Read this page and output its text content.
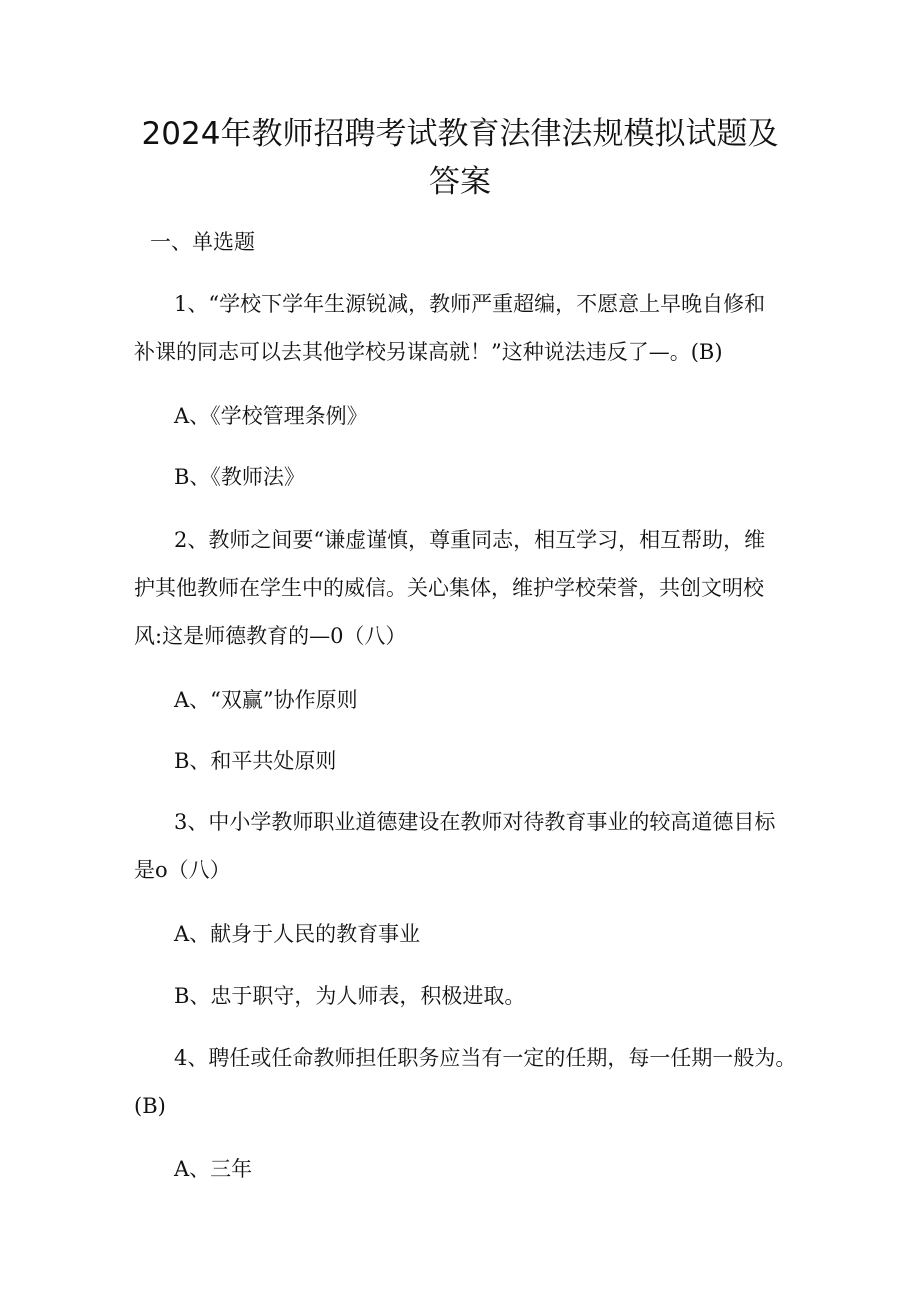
2024年教师招聘考试教育法律法规模拟试题及
答案
一、单选题
1、“学校下学年生源锐减，教师严重超编，不愿意上早晚自修和
补课的同志可以去其他学校另谋高就！”这种说法违反了—。(B)
A、《学校管理条例》
B、《教师法》
2、教师之间要“谦虚谨慎，尊重同志，相互学习，相互帮助，维
护其他教师在学生中的威信。关心集体，维护学校荣誉，共创文明校
风:这是师德教育的—0（八）
A、“双赢”协作原则
B、和平共处原则
3、中小学教师职业道德建设在教师对待教育事业的较高道德目标
是o（八）
A、献身于人民的教育事业
B、忠于职守，为人师表，积极进取。
4、聘任或任命教师担任职务应当有一定的任期，每一任期一般为。
(B)
A、三年
